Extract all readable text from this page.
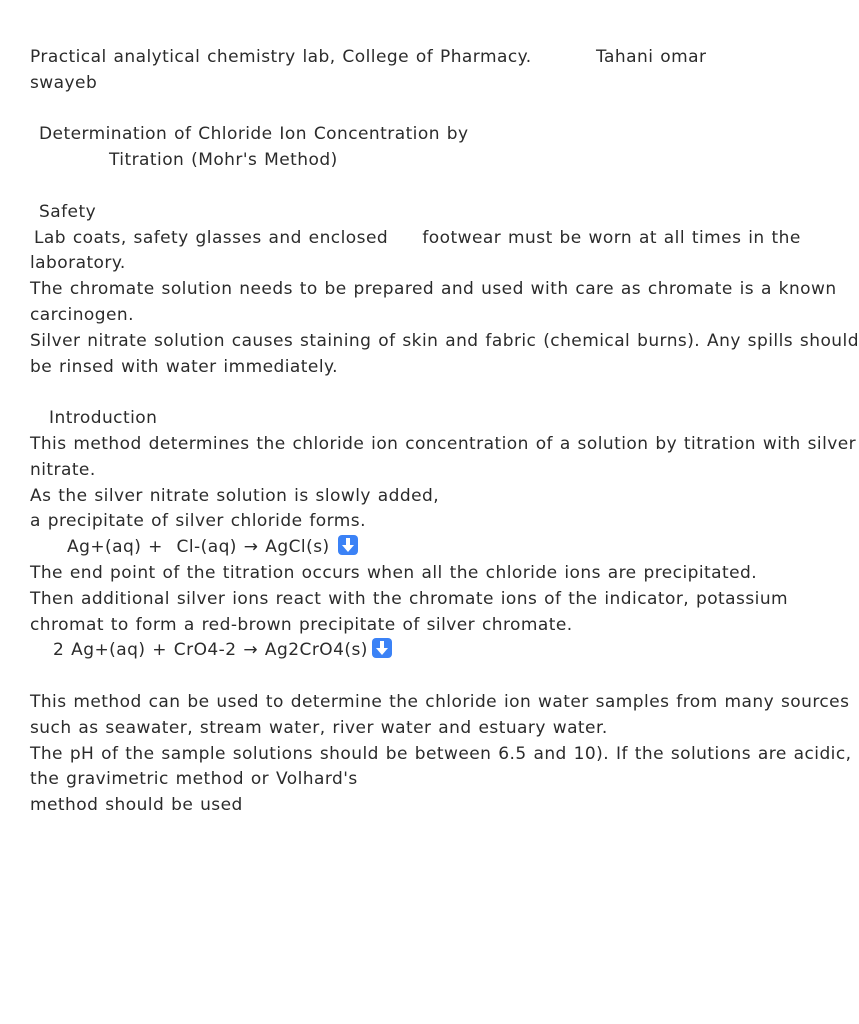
Practical analytical chemistry lab, College of Pharmacy.	Tahani omar
swayeb
Determination of Chloride Ion Concentration by
Titration (Mohr's Method)
Safety
Lab coats, safety glasses and enclosed     footwear must be worn at all times in the
laboratory.
The chromate solution needs to be prepared and used with care as chromate is a known
carcinogen.
Silver nitrate solution causes staining of skin and fabric (chemical burns). Any spills should
be rinsed with water immediately.
Introduction
This method determines the chloride ion concentration of a solution by titration with silver
nitrate.
As the silver nitrate solution is slowly added,
a precipitate of silver chloride forms.
Ag+(aq) +  Cl-(aq) → AgCl(s)
The end point of the titration occurs when all the chloride ions are precipitated.
Then additional silver ions react with the chromate ions of the indicator, potassium
chromat to form a red-brown precipitate of silver chromate.
2 Ag+(aq) + CrO4-2 → Ag2CrO4(s)
This method can be used to determine the chloride ion water samples from many sources
such as seawater, stream water, river water and estuary water.
The pH of the sample solutions should be between 6.5 and 10). If the solutions are acidic,
the gravimetric method or Volhard's
method should be used
